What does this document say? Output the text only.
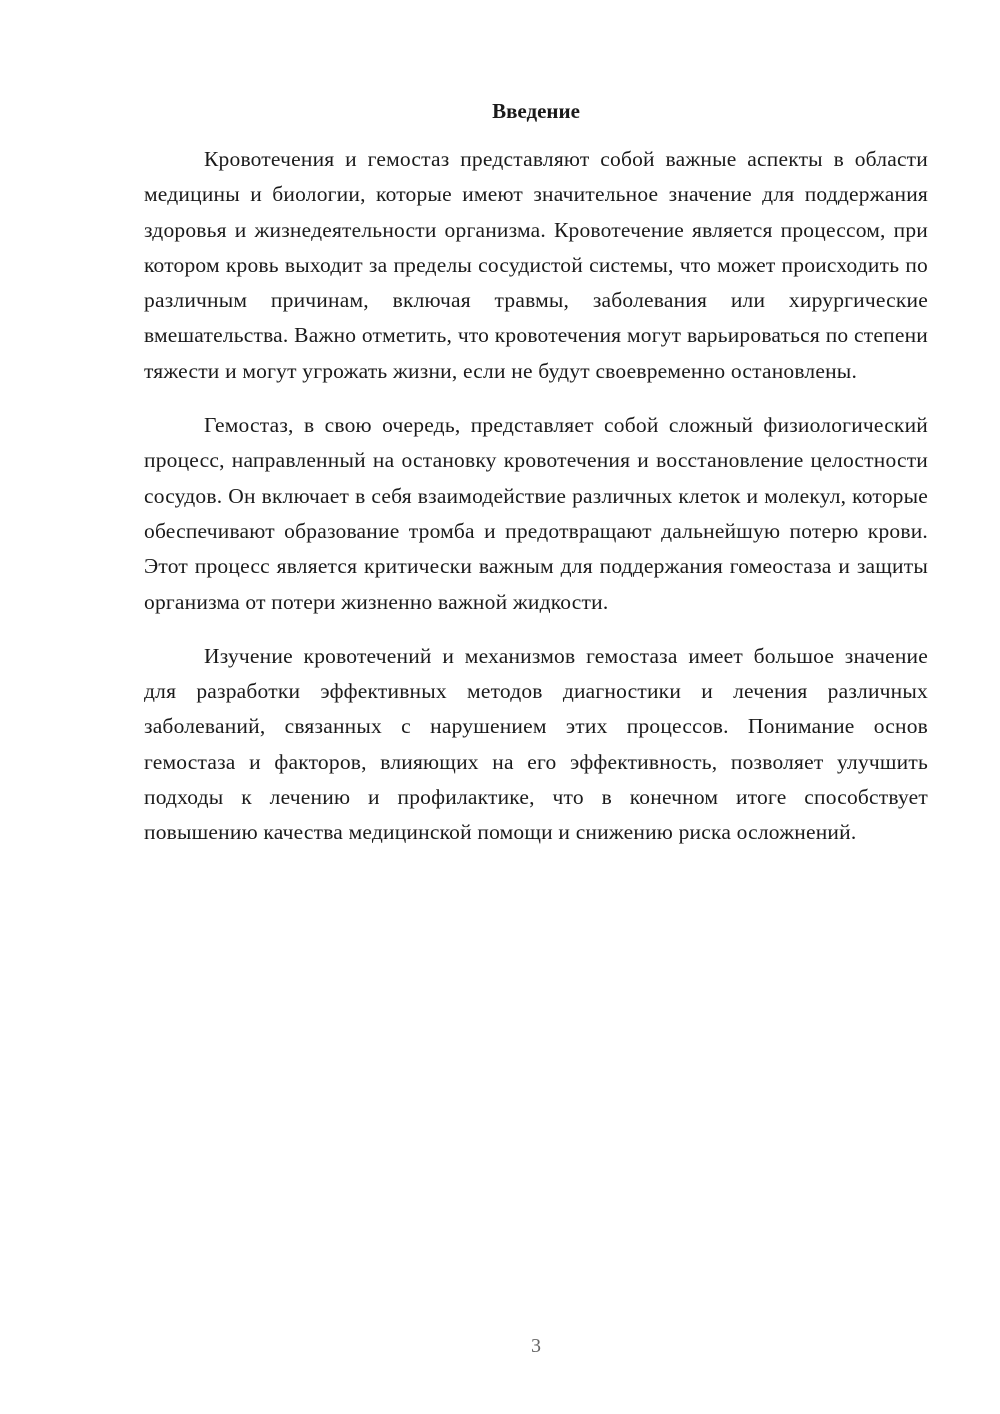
Введение

Кровотечения и гемостаз представляют собой важные аспекты в области медицины и биологии, которые имеют значительное значение для поддержания здоровья и жизнедеятельности организма. Кровотечение является процессом, при котором кровь выходит за пределы сосудистой системы, что может происходить по различным причинам, включая травмы, заболевания или хирургические вмешательства. Важно отметить, что кровотечения могут варьироваться по степени тяжести и могут угрожать жизни, если не будут своевременно остановлены.

Гемостаз, в свою очередь, представляет собой сложный физиологический процесс, направленный на остановку кровотечения и восстановление целостности сосудов. Он включает в себя взаимодействие различных клеток и молекул, которые обеспечивают образование тромба и предотвращают дальнейшую потерю крови. Этот процесс является критически важным для поддержания гомеостаза и защиты организма от потери жизненно важной жидкости.

Изучение кровотечений и механизмов гемостаза имеет большое значение для разработки эффективных методов диагностики и лечения различных заболеваний, связанных с нарушением этих процессов. Понимание основ гемостаза и факторов, влияющих на его эффективность, позволяет улучшить подходы к лечению и профилактике, что в конечном итоге способствует повышению качества медицинской помощи и снижению риска осложнений.

3
